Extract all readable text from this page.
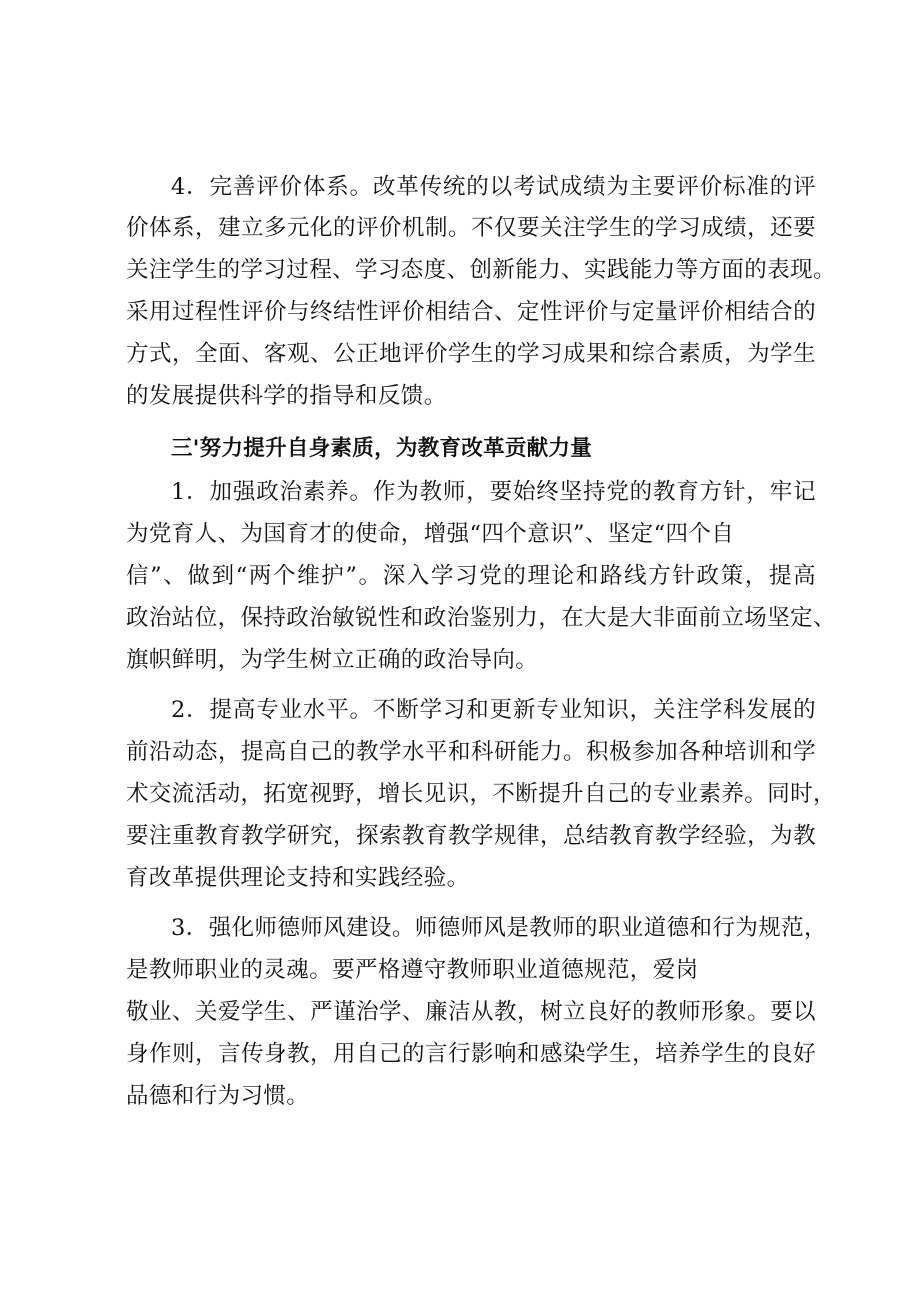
4．完善评价体系。改革传统的以考试成绩为主要评价标准的评
价体系，建立多元化的评价机制。不仅要关注学生的学习成绩，还要
关注学生的学习过程、学习态度、创新能力、实践能力等方面的表现。
采用过程性评价与终结性评价相结合、定性评价与定量评价相结合的
方式，全面、客观、公正地评价学生的学习成果和综合素质，为学生
的发展提供科学的指导和反馈。
三'努力提升自身素质，为教育改革贡献力量
1．加强政治素养。作为教师，要始终坚持党的教育方针，牢记
为党育人、为国育才的使命，增强“四个意识”、坚定“四个自
信”、做到“两个维护”。深入学习党的理论和路线方针政策，提高
政治站位，保持政治敏锐性和政治鉴别力，在大是大非面前立场坚定、
旗帜鲜明，为学生树立正确的政治导向。
2．提高专业水平。不断学习和更新专业知识，关注学科发展的
前沿动态，提高自己的教学水平和科研能力。积极参加各种培训和学
术交流活动，拓宽视野，增长见识，不断提升自己的专业素养。同时，
要注重教育教学研究，探索教育教学规律，总结教育教学经验，为教
育改革提供理论支持和实践经验。
3．强化师德师风建设。师德师风是教师的职业道德和行为规范，
是教师职业的灵魂。要严格遵守教师职业道德规范，爱岗
敬业、关爱学生、严谨治学、廉洁从教，树立良好的教师形象。要以
身作则，言传身教，用自己的言行影响和感染学生，培养学生的良好
品德和行为习惯。
